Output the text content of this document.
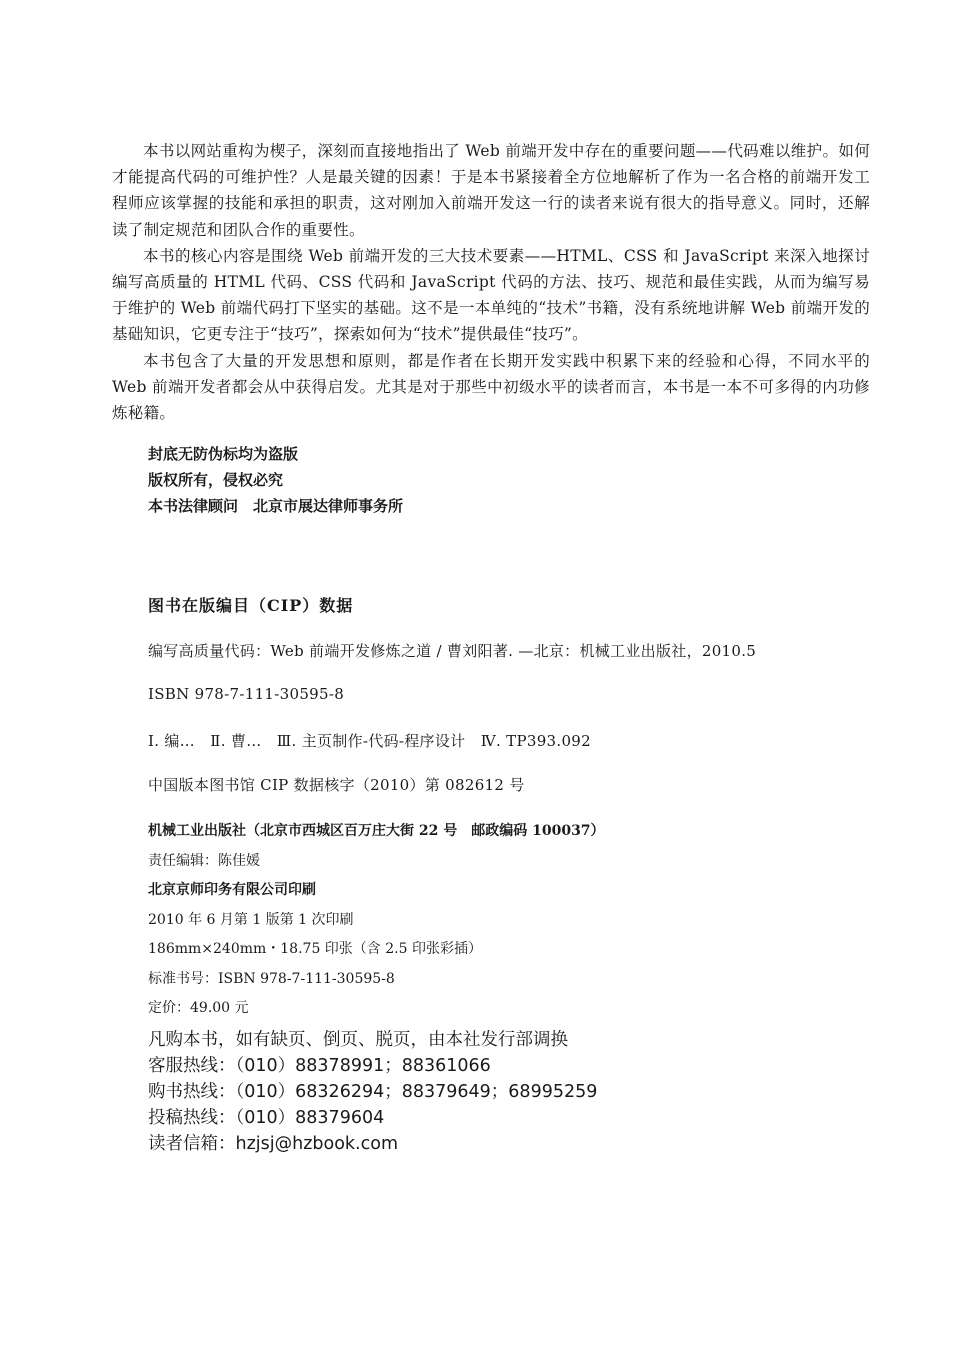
本书以网站重构为楔子，深刻而直接地指出了 Web 前端开发中存在的重要问题——代码难以维护。如何才能提高代码的可维护性？人是最关键的因素！于是本书紧接着全方位地解析了作为一名合格的前端开发工程师应该掌握的技能和承担的职责，这对刚加入前端开发这一行的读者来说有很大的指导意义。同时，还解读了制定规范和团队合作的重要性。

本书的核心内容是围绕 Web 前端开发的三大技术要素——HTML、CSS 和 JavaScript 来深入地探讨编写高质量的 HTML 代码、CSS 代码和 JavaScript 代码的方法、技巧、规范和最佳实践，从而为编写易于维护的 Web 前端代码打下坚实的基础。这不是一本单纯的“技术”书籍，没有系统地讲解 Web 前端开发的基础知识，它更专注于“技巧”，探索如何为“技术”提供最佳“技巧”。

本书包含了大量的开发思想和原则，都是作者在长期开发实践中积累下来的经验和心得，不同水平的 Web 前端开发者都会从中获得启发。尤其是对于那些中初级水平的读者而言，本书是一本不可多得的内功修炼秘籍。

封底无防伪标均为盗版
版权所有，侵权必究
本书法律顾问　北京市展达律师事务所
图书在版编目（CIP）数据
编写高质量代码：Web 前端开发修炼之道 / 曹刘阳著. —北京：机械工业出版社，2010.5
ISBN 978-7-111-30595-8
Ⅰ. 编…　Ⅱ. 曹…　Ⅲ. 主页制作-代码-程序设计　Ⅳ. TP393.092
中国版本图书馆 CIP 数据核字（2010）第 082612 号
机械工业出版社（北京市西城区百万庄大街 22 号　邮政编码 100037）
责任编辑：陈佳媛
北京京师印务有限公司印刷
2010 年 6 月第 1 版第 1 次印刷
186mm×240mm・18.75 印张（含 2.5 印张彩插）
标准书号：ISBN 978-7-111-30595-8
定价：49.00 元
凡购本书，如有缺页、倒页、脱页，由本社发行部调换
客服热线：（010）88378991；88361066
购书热线：（010）68326294；88379649；68995259
投稿热线：（010）88379604
读者信箱：hzjsj@hzbook.com
